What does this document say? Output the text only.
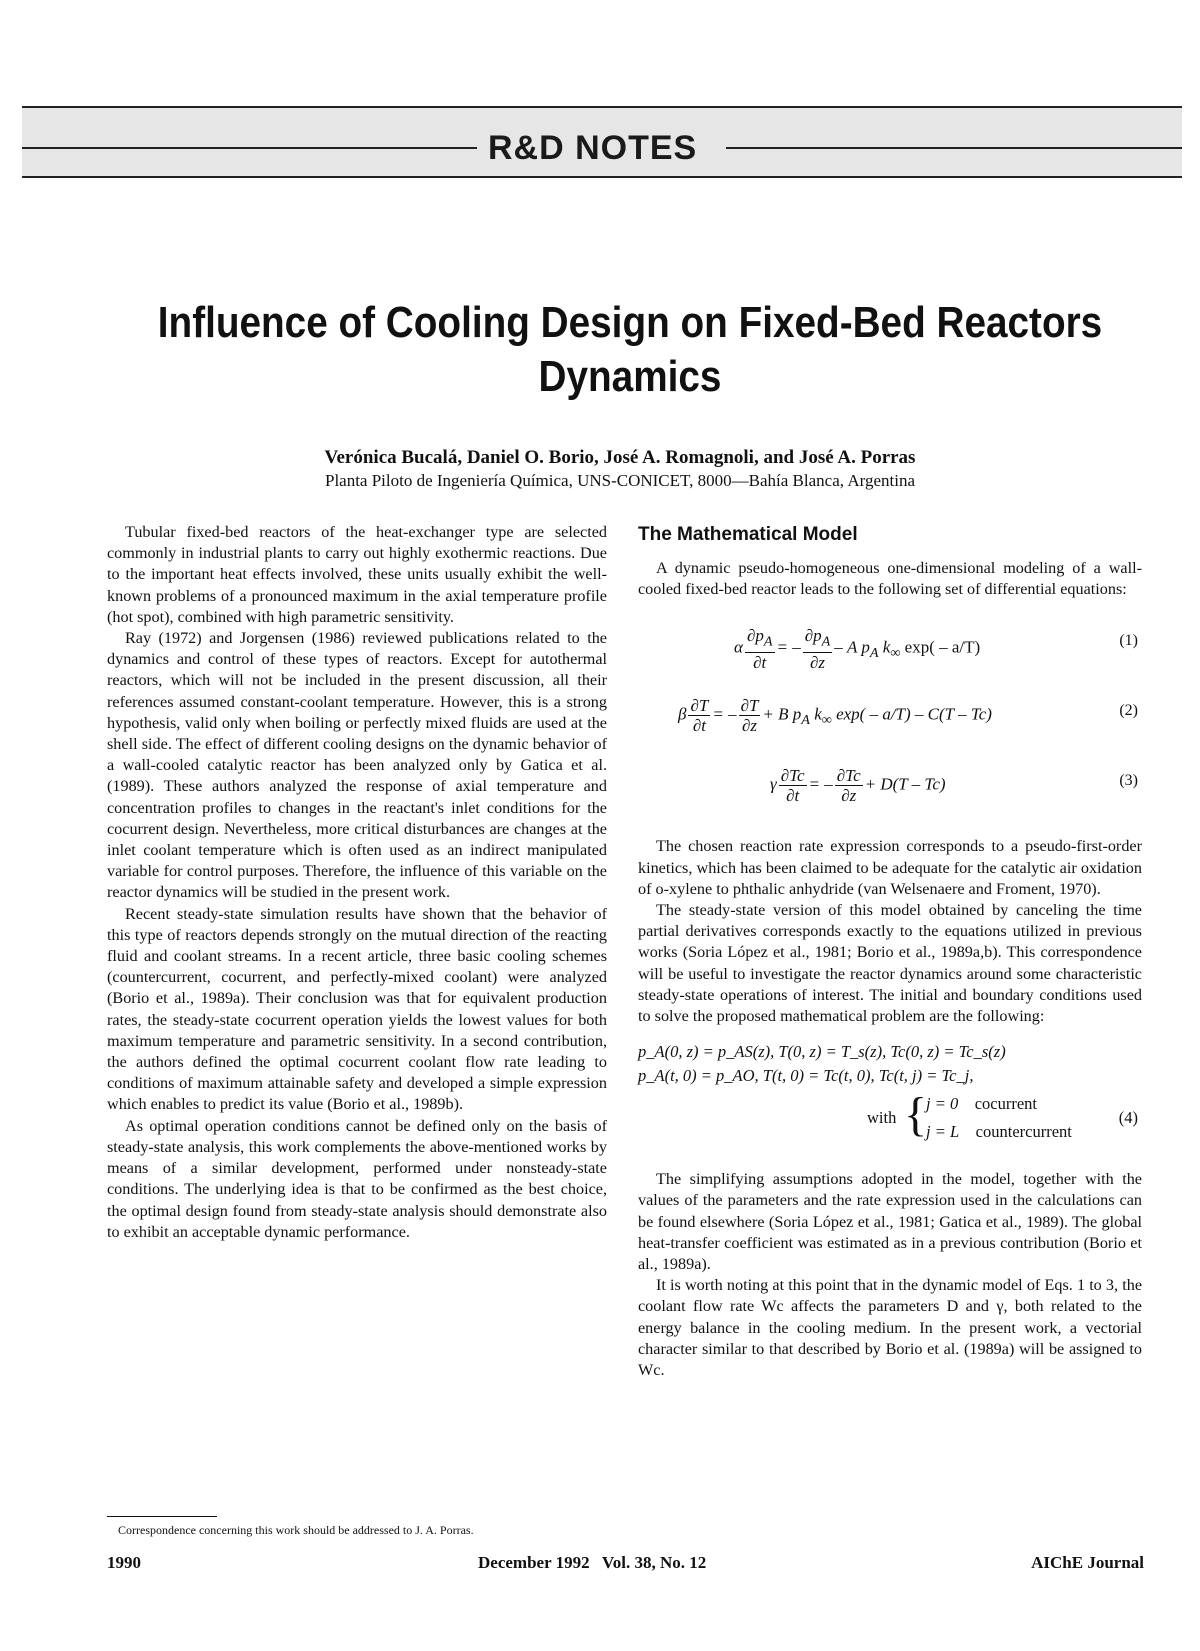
R&D NOTES
Influence of Cooling Design on Fixed-Bed Reactors Dynamics
Verónica Bucalá, Daniel O. Borio, José A. Romagnoli, and José A. Porras
Planta Piloto de Ingeniería Química, UNS-CONICET, 8000—Bahía Blanca, Argentina

Tubular fixed-bed reactors of the heat-exchanger type are selected commonly in industrial plants to carry out highly exothermic reactions. Due to the important heat effects involved, these units usually exhibit the well-known problems of a pronounced maximum in the axial temperature profile (hot spot), combined with high parametric sensitivity.

Ray (1972) and Jorgensen (1986) reviewed publications related to the dynamics and control of these types of reactors. Except for autothermal reactors, which will not be included in the present discussion, all their references assumed constant-coolant temperature. However, this is a strong hypothesis, valid only when boiling or perfectly mixed fluids are used at the shell side. The effect of different cooling designs on the dynamic behavior of a wall-cooled catalytic reactor has been analyzed only by Gatica et al. (1989). These authors analyzed the response of axial temperature and concentration profiles to changes in the reactant's inlet conditions for the cocurrent design. Nevertheless, more critical disturbances are changes at the inlet coolant temperature which is often used as an indirect manipulated variable for control purposes. Therefore, the influence of this variable on the reactor dynamics will be studied in the present work.

Recent steady-state simulation results have shown that the behavior of this type of reactors depends strongly on the mutual direction of the reacting fluid and coolant streams. In a recent article, three basic cooling schemes (countercurrent, cocurrent, and perfectly-mixed coolant) were analyzed (Borio et al., 1989a). Their conclusion was that for equivalent production rates, the steady-state cocurrent operation yields the lowest values for both maximum temperature and parametric sensitivity. In a second contribution, the authors defined the optimal cocurrent coolant flow rate leading to conditions of maximum attainable safety and developed a simple expression which enables to predict its value (Borio et al., 1989b).

As optimal operation conditions cannot be defined only on the basis of steady-state analysis, this work complements the above-mentioned works by means of a similar development, performed under nonsteady-state conditions. The underlying idea is that to be confirmed as the best choice, the optimal design found from steady-state analysis should demonstrate also to exhibit an acceptable dynamic performance.

Correspondence concerning this work should be addressed to J. A. Porras.
The Mathematical Model

A dynamic pseudo-homogeneous one-dimensional modeling of a wall-cooled fixed-bed reactor leads to the following set of differential equations:

α $\frac{\partial p_A}{\partial t}$ = – $\frac{\partial p_A}{\partial z}$ – A $p_A$ $k_\infty$ exp( – a/T)	(1)
β $\frac{\partial T}{\partial t}$ = – $\frac{\partial T}{\partial z} + B$ $p_A$ $k_\infty$ exp( – a/T) – C(T – Tc)	(2)
γ $\frac{\partial Tc}{\partial t}$ = – $\frac{\partial Tc}{\partial z} + D(T - Tc)$	(3)

The chosen reaction rate expression corresponds to a pseudo-first-order kinetics, which has been claimed to be adequate for the catalytic air oxidation of o-xylene to phthalic anhydride (van Welsenaere and Froment, 1970).

The steady-state version of this model obtained by canceling the time partial derivatives corresponds exactly to the equations utilized in previous works (Soria López et al., 1981; Borio et al., 1989a,b). This correspondence will be useful to investigate the reactor dynamics around some characteristic steady-state operations of interest. The initial and boundary conditions used to solve the proposed mathematical problem are the following:

p_A(0, z) = p_AS(z), T(0, z) = T_s(z), Tc(0, z) = Tc_s(z)
p_A(t, 0) = p_AO, T(t, 0) = Tc(t, 0), Tc(t, j) = Tc_j,
with {
j = 0 cocurrent
j = L countercurrent
(4)

The simplifying assumptions adopted in the model, together with the values of the parameters and the rate expression used in the calculations can be found elsewhere (Soria López et al., 1981; Gatica et al., 1989). The global heat-transfer coefficient was estimated as in a previous contribution (Borio et al., 1989a).

It is worth noting at this point that in the dynamic model of Eqs. 1 to 3, the coolant flow rate Wc affects the parameters D and γ, both related to the energy balance in the cooling medium. In the present work, a vectorial character similar to that described by Borio et al. (1989a) will be assigned to Wc.

1990	December 1992   Vol. 38, No. 12	AIChE Journal
